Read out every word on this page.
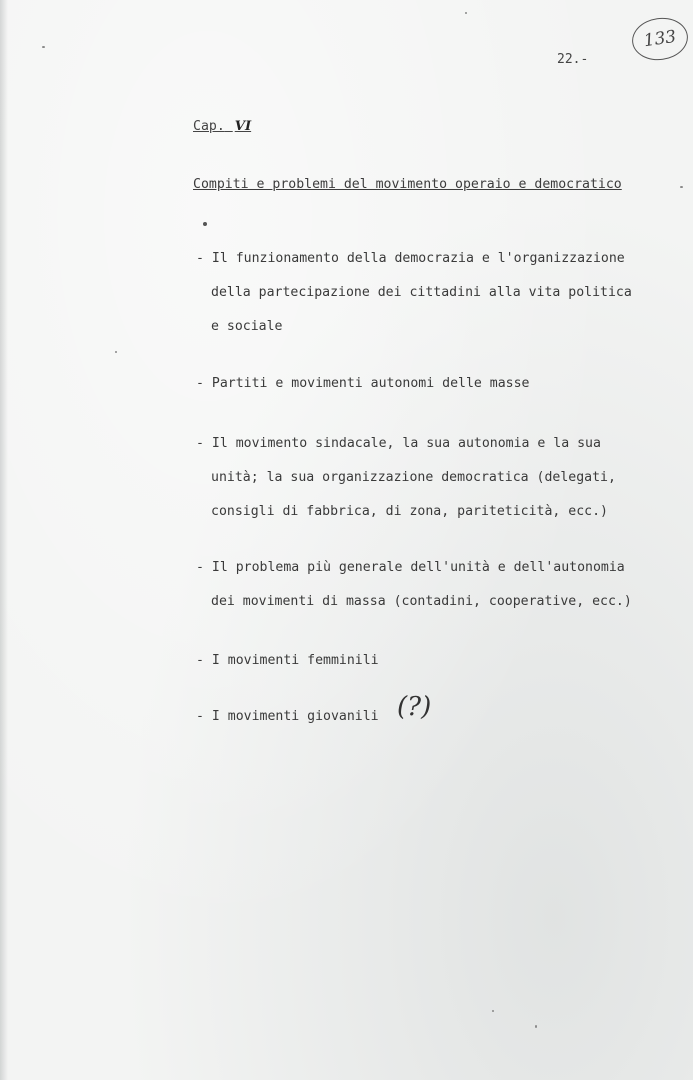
133
22.-
Cap. VI
Compiti e problemi del movimento operaio e democratico
- Il funzionamento della democrazia e l'organizzazione
della partecipazione dei cittadini alla vita politica
e sociale
- Partiti e movimenti autonomi delle masse
- Il movimento sindacale, la sua autonomia e la sua
unità; la sua organizzazione democratica (delegati,
consigli di fabbrica, di zona, pariteticità, ecc.)
- Il problema più generale dell'unità e dell'autonomia
dei movimenti di massa (contadini, cooperative, ecc.)
- I movimenti femminili
- I movimenti giovanili (?)
